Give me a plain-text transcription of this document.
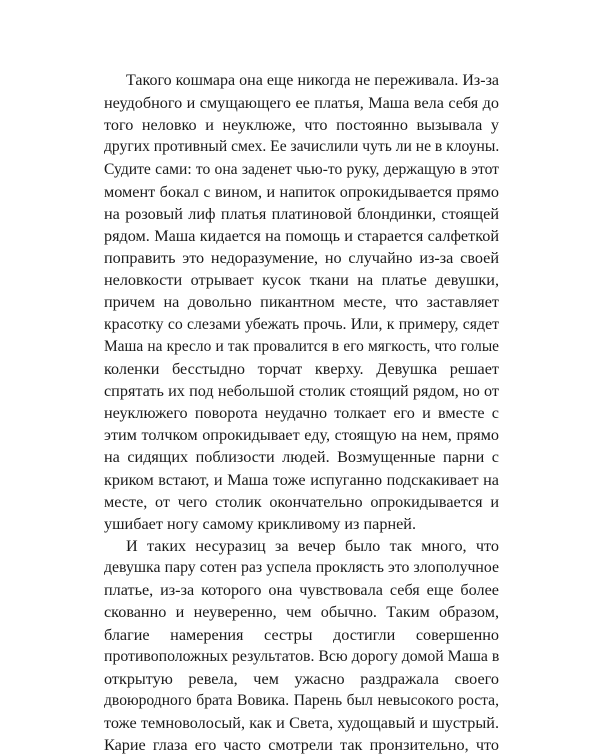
Такого кошмара она еще никогда не переживала. Из-за
неудобного и смущающего ее платья, Маша вела себя до
того неловко и неуклюже, что постоянно вызывала у
других противный смех. Ее зачислили чуть ли не в клоуны.
Судите сами: то она заденет чью-то руку, держащую в этот
момент бокал с вином, и напиток опрокидывается прямо
на розовый лиф платья платиновой блондинки, стоящей
рядом. Маша кидается на помощь и старается салфеткой
поправить это недоразумение, но случайно из-за своей
неловкости отрывает кусок ткани на платье девушки,
причем на довольно пикантном месте, что заставляет
красотку со слезами убежать прочь. Или, к примеру, сядет
Маша на кресло и так провалится в его мягкость, что голые
коленки бесстыдно торчат кверху. Девушка решает
спрятать их под небольшой столик стоящий рядом, но от
неуклюжего поворота неудачно толкает его и вместе с
этим толчком опрокидывает еду, стоящую на нем, прямо
на сидящих поблизости людей. Возмущенные парни с
криком встают, и Маша тоже испуганно подскакивает на
месте, от чего столик окончательно опрокидывается и
ушибает ногу самому крикливому из парней.
И таких несуразиц за вечер было так много, что
девушка пару сотен раз успела проклясть это злополучное
платье, из-за которого она чувствовала себя еще более
скованно и неуверенно, чем обычно. Таким образом,
благие намерения сестры достигли совершенно
противоположных результатов. Всю дорогу домой Маша в
открытую ревела, чем ужасно раздражала своего
двоюродного брата Вовика. Парень был невысокого роста,
тоже темноволосый, как и Света, худощавый и шустрый.
Карие глаза его часто смотрели так пронзительно, что
